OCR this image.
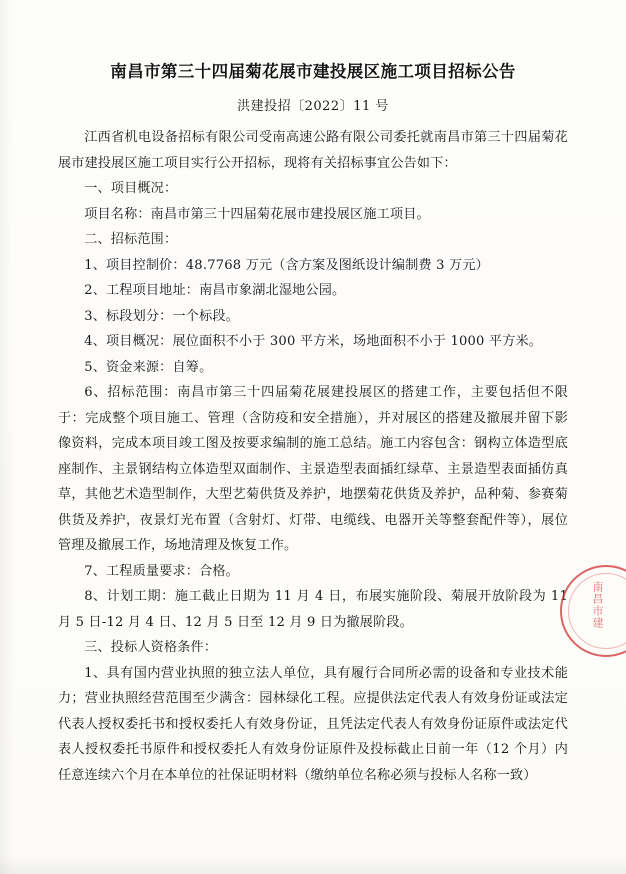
南昌市第三十四届菊花展市建投展区施工项目招标公告
洪建投招〔2022〕11 号

江西省机电设备招标有限公司受南高速公路有限公司委托就南昌市第三十四届菊花展市建投展区施工项目实行公开招标，现将有关招标事宜公告如下：

一、项目概况：

项目名称：南昌市第三十四届菊花展市建投展区施工项目。

二、招标范围：

1、项目控制价：48.7768 万元（含方案及图纸设计编制费 3 万元）

2、工程项目地址：南昌市象湖北湿地公园。

3、标段划分：一个标段。

4、项目概况：展位面积不小于 300 平方米，场地面积不小于 1000 平方米。

5、资金来源：自筹。

6、招标范围：南昌市第三十四届菊花展建投展区的搭建工作，主要包括但不限于：完成整个项目施工、管理（含防疫和安全措施），并对展区的搭建及撤展并留下影像资料，完成本项目竣工图及按要求编制的施工总结。施工内容包含：钢构立体造型底座制作、主景钢结构立体造型双面制作、主景造型表面插红绿草、主景造型表面插仿真草，其他艺术造型制作，大型艺菊供货及养护，地摆菊花供货及养护，品种菊、参赛菊供货及养护，夜景灯光布置（含射灯、灯带、电缆线、电器开关等整套配件等），展位管理及撤展工作，场地清理及恢复工作。

7、工程质量要求：合格。

8、计划工期：施工截止日期为 11 月 4 日，布展实施阶段、菊展开放阶段为 11 月 5 日-12 月 4 日、12 月 5 日至 12 月 9 日为撤展阶段。

三、投标人资格条件：

1、具有国内营业执照的独立法人单位，具有履行合同所必需的设备和专业技术能力；营业执照经营范围至少满含：园林绿化工程。应提供法定代表人有效身份证或法定代表人授权委托书和授权委托人有效身份证，且凭法定代表人有效身份证原件或法定代表人授权委托书原件和授权委托人有效身份证原件及投标截止日前一年（12 个月）内任意连续六个月在本单位的社保证明材料（缴纳单位名称必须与投标人名称一致）

南昌市建
